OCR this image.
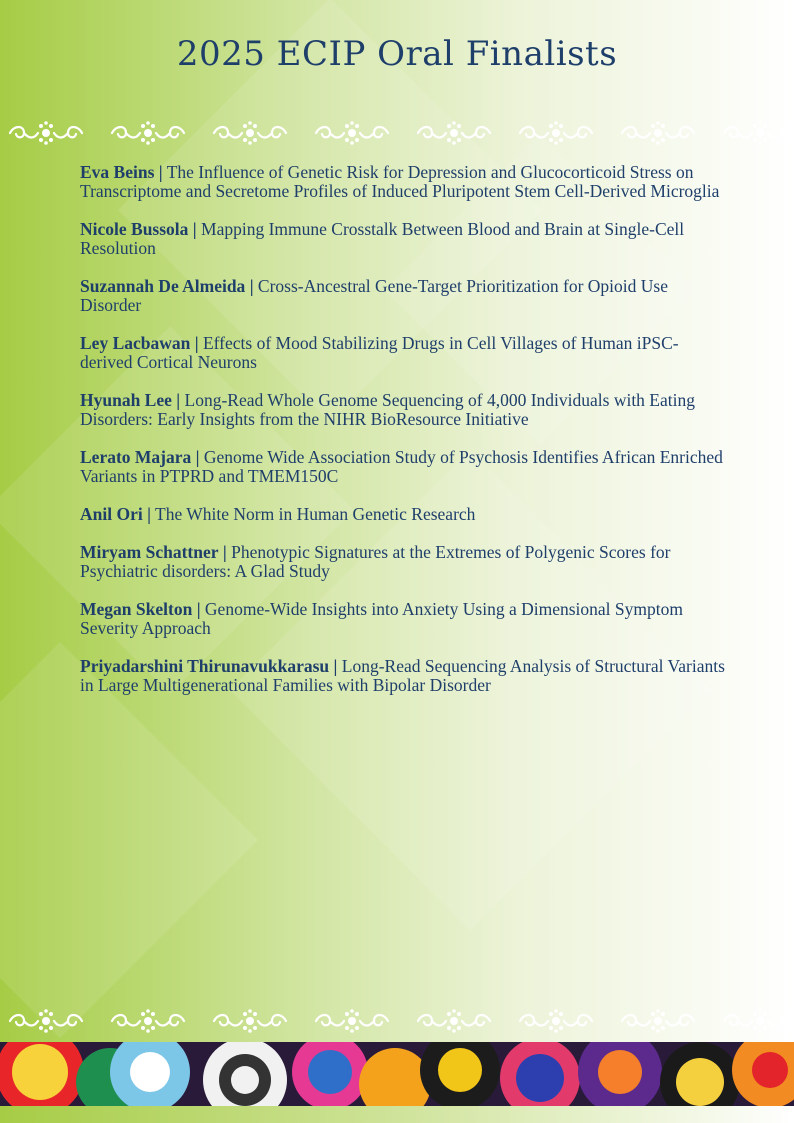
2025 ECIP Oral Finalists
Eva Beins | The Influence of Genetic Risk for Depression and Glucocorticoid Stress on Transcriptome and Secretome Profiles of Induced Pluripotent Stem Cell-Derived Microglia
Nicole Bussola | Mapping Immune Crosstalk Between Blood and Brain at Single-Cell Resolution
Suzannah De Almeida | Cross-Ancestral Gene-Target Prioritization for Opioid Use Disorder
Ley Lacbawan | Effects of Mood Stabilizing Drugs in Cell Villages of Human iPSC-derived Cortical Neurons
Hyunah Lee | Long-Read Whole Genome Sequencing of 4,000 Individuals with Eating Disorders: Early Insights from the NIHR BioResource Initiative
Lerato Majara | Genome Wide Association Study of Psychosis Identifies African Enriched Variants in PTPRD and TMEM150C
Anil Ori | The White Norm in Human Genetic Research
Miryam Schattner | Phenotypic Signatures at the Extremes of Polygenic Scores for Psychiatric disorders: A Glad Study
Megan Skelton | Genome-Wide Insights into Anxiety Using a Dimensional Symptom Severity Approach
Priyadarshini Thirunavukkarasu | Long-Read Sequencing Analysis of Structural Variants in Large Multigenerational Families with Bipolar Disorder
